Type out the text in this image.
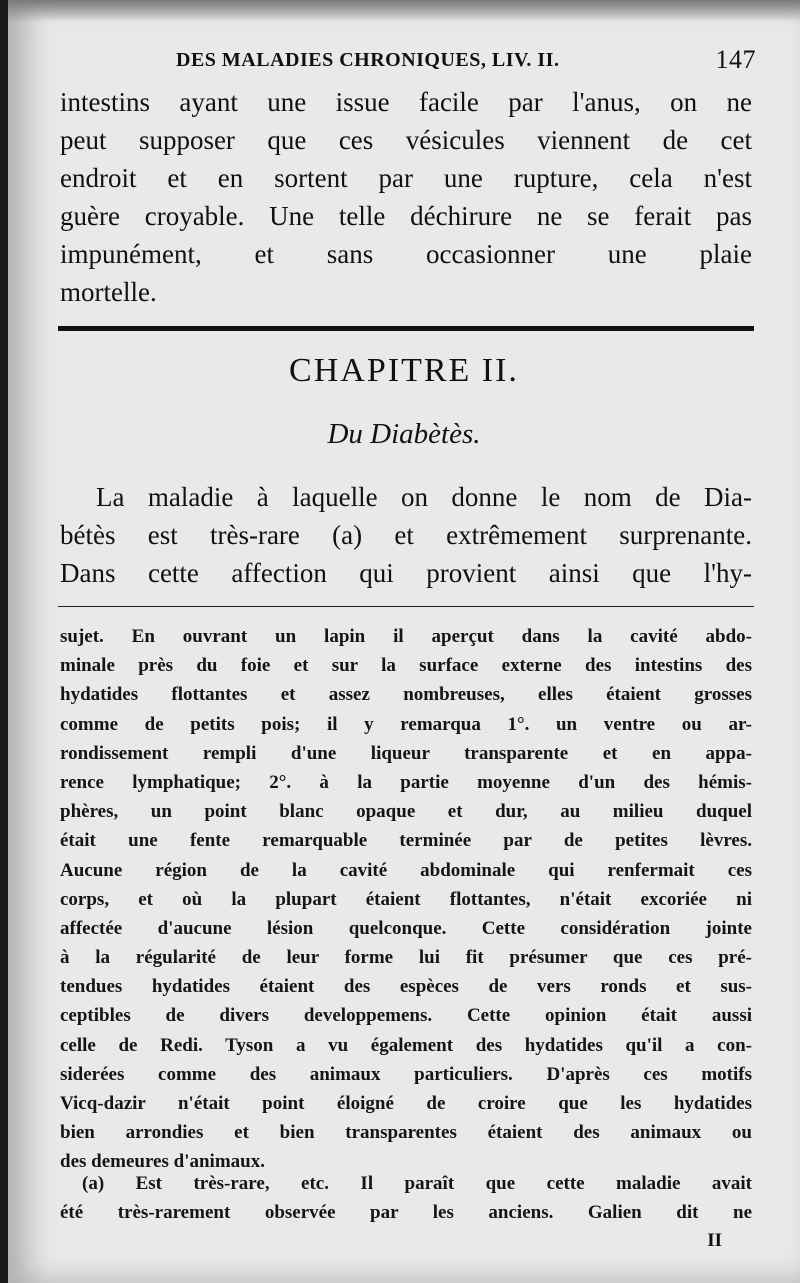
DES MALADIES CHRONIQUES, LIV. II.	147
intestins ayant une issue facile par l'anus, on ne
peut supposer que ces vésicules viennent de cet
endroit et en sortent par une rupture, cela n'est
guère croyable. Une telle déchirure ne se ferait pas
impunément, et sans occasionner une plaie
mortelle.
CHAPITRE II.
Du Diabètès.
La maladie à laquelle on donne le nom de Dia-
bétès est très-rare (a) et extrêmement surprenante.
Dans cette affection qui provient ainsi que l'hy-
sujet. En ouvrant un lapin il aperçut dans la cavité abdo-
minale près du foie et sur la surface externe des intestins des
hydatides flottantes et assez nombreuses, elles étaient grosses
comme de petits pois; il y remarqua 1°. un ventre ou ar-
rondissement rempli d'une liqueur transparente et en appa-
rence lymphatique; 2°. à la partie moyenne d'un des hémis-
phères, un point blanc opaque et dur, au milieu duquel
était une fente remarquable terminée par de petites lèvres.
Aucune région de la cavité abdominale qui renfermait ces
corps, et où la plupart étaient flottantes, n'était excoriée ni
affectée d'aucune lésion quelconque. Cette considération jointe
à la régularité de leur forme lui fit présumer que ces pré-
tendues hydatides étaient des espèces de vers ronds et sus-
ceptibles de divers developpemens. Cette opinion était aussi
celle de Redi. Tyson a vu également des hydatides qu'il a con-
siderées comme des animaux particuliers. D'après ces motifs
Vicq-dazir n'était point éloigné de croire que les hydatides
bien arrondies et bien transparentes étaient des animaux ou
des demeures d'animaux.
(a) Est très-rare, etc. Il paraît que cette maladie avait
été très-rarement observée par les anciens. Galien dit ne
II
